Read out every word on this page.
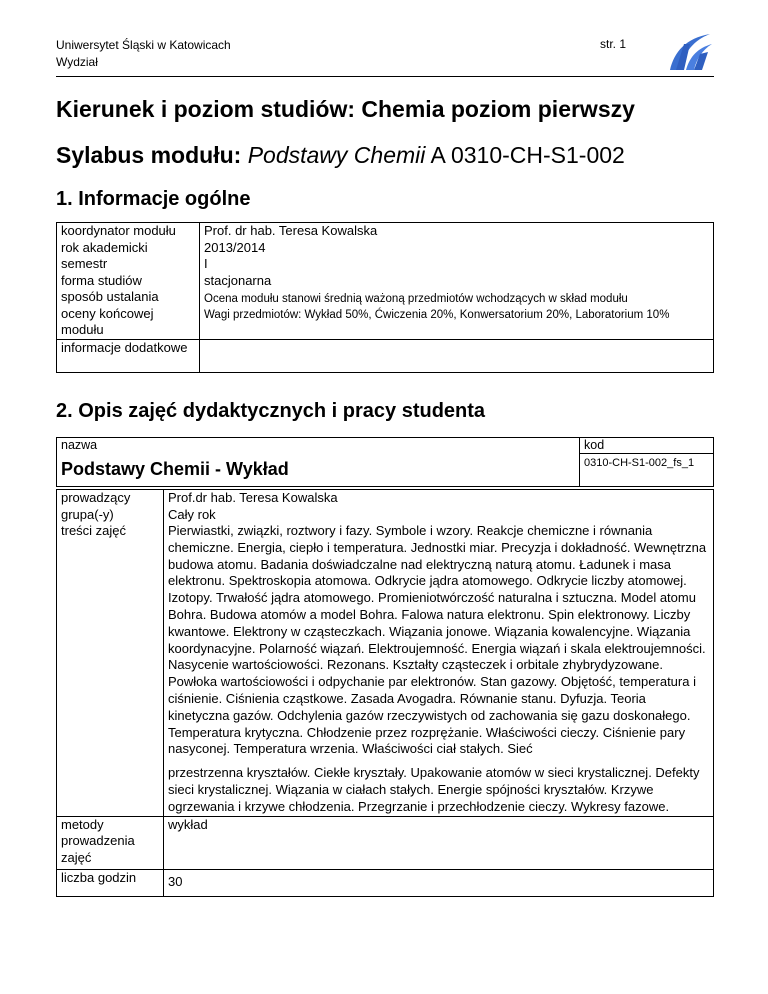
Uniwersytet Śląski w Katowicach
Wydział
str. 1
Kierunek i poziom studiów: Chemia poziom pierwszy
Sylabus modułu: Podstawy Chemii A 0310-CH-S1-002
1. Informacje ogólne
koordynator modułu	Prof. dr hab. Teresa Kowalska
rok akademicki	2013/2014
semestr	I
forma studiów	stacjonarna
sposób ustalania oceny końcowej modułu	Ocena modułu stanowi średnią ważoną przedmiotów wchodzących w skład modułu
Wagi przedmiotów: Wykład 50%, Ćwiczenia 20%, Konwersatorium 20%, Laboratorium 10%

informacje dodatkowe	
2. Opis zajęć dydaktycznych i pracy studenta
nazwa	kod
Podstawy Chemii - Wykład	0310-CH-S1-002_fs_1
prowadzący	Prof.dr hab. Teresa Kowalska
grupa(-y)	Cały rok
treści zajęć	Pierwiastki, związki, roztwory i fazy. Symbole i wzory. Reakcje chemiczne i równania chemiczne. Energia, ciepło i temperatura. Jednostki miar. Precyzja i dokładność. Wewnętrzna budowa atomu. Badania doświadczalne nad elektryczną naturą atomu. Ładunek i masa elektronu. Spektroskopia atomowa. Odkrycie jądra atomowego. Odkrycie liczby atomowej. Izotopy. Trwałość jądra atomowego. Promieniotwórczość naturalna i sztuczna. Model atomu Bohra. Budowa atomów a model Bohra. Falowa natura elektronu. Spin elektronowy. Liczby kwantowe. Elektrony w cząsteczkach. Wiązania jonowe. Wiązania kowalencyjne. Wiązania koordynacyjne. Polarność wiązań. Elektroujemność. Energia wiązań i skala elektroujemności. Nasycenie wartościowości. Rezonans. Kształty cząsteczek i orbitale zhybrydyzowane. Powłoka wartościowości i odpychanie par elektronów. Stan gazowy. Objętość, temperatura i ciśnienie. Ciśnienia cząstkowe. Zasada Avogadra. Równanie stanu. Dyfuzja. Teoria kinetyczna gazów. Odchylenia gazów rzeczywistych od zachowania się gazu doskonałego. Temperatura krytyczna. Chłodzenie przez rozprężanie. Właściwości cieczy. Ciśnienie pary nasyconej. Temperatura wrzenia. Właściwości ciał stałych. Sieć

przestrzenna kryształów. Ciekłe kryształy. Upakowanie atomów w sieci krystalicznej. Defekty sieci krystalicznej. Wiązania w ciałach stałych. Energie spójności kryształów. Krzywe ogrzewania i krzywe chłodzenia. Przegrzanie i przechłodzenie cieczy. Wykresy fazowe.

metody prowadzenia zajęć	wykład
liczba godzin	30
